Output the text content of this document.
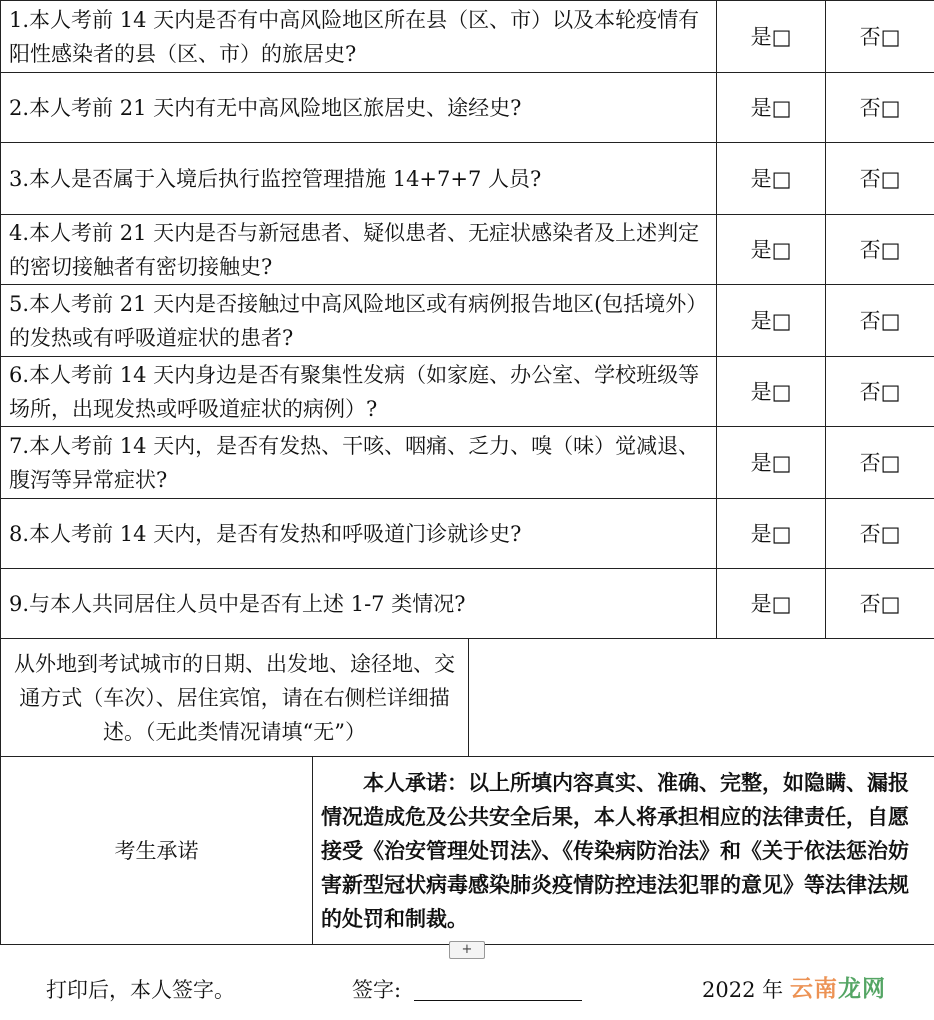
1.本人考前 14 天内是否有中高风险地区所在县（区、市）以及本轮疫情有阳性感染者的县（区、市）的旅居史?			是□	否□
2.本人考前 21 天内有无中高风险地区旅居史、途经史?			是□	否□
3.本人是否属于入境后执行监控管理措施 14+7+7 人员?			是□	否□
4.本人考前 21 天内是否与新冠患者、疑似患者、无症状感染者及上述判定的密切接触者有密切接触史?			是□	否□
5.本人考前 21 天内是否接触过中高风险地区或有病例报告地区(包括境外）的发热或有呼吸道症状的患者?			是□	否□
6.本人考前 14 天内身边是否有聚集性发病（如家庭、办公室、学校班级等场所，出现发热或呼吸道症状的病例）?			是□	否□
7.本人考前 14 天内，是否有发热、干咳、咽痛、乏力、嗅（味）觉减退、腹泻等异常症状?			是□	否□
8.本人考前 14 天内，是否有发热和呼吸道门诊就诊史?			是□	否□
9.与本人共同居住人员中是否有上述 1-7 类情况?			是□	否□
从外地到考试城市的日期、出发地、途径地、交通方式（车次）、居住宾馆，请在右侧栏详细描述。（无此类情况请填“无”）				
考生承诺	本人承诺：以上所填内容真实、准确、完整，如隐瞒、漏报情况造成危及公共安全后果，本人将承担相应的法律责任，自愿接受《治安管理处罚法》、《传染病防治法》和《关于依法惩治妨害新型冠状病毒感染肺炎疫情防控违法犯罪的意见》等法律法规的处罚和制裁。			
+
打印后，本人签字。	签字:	2022 年 云南龙网
